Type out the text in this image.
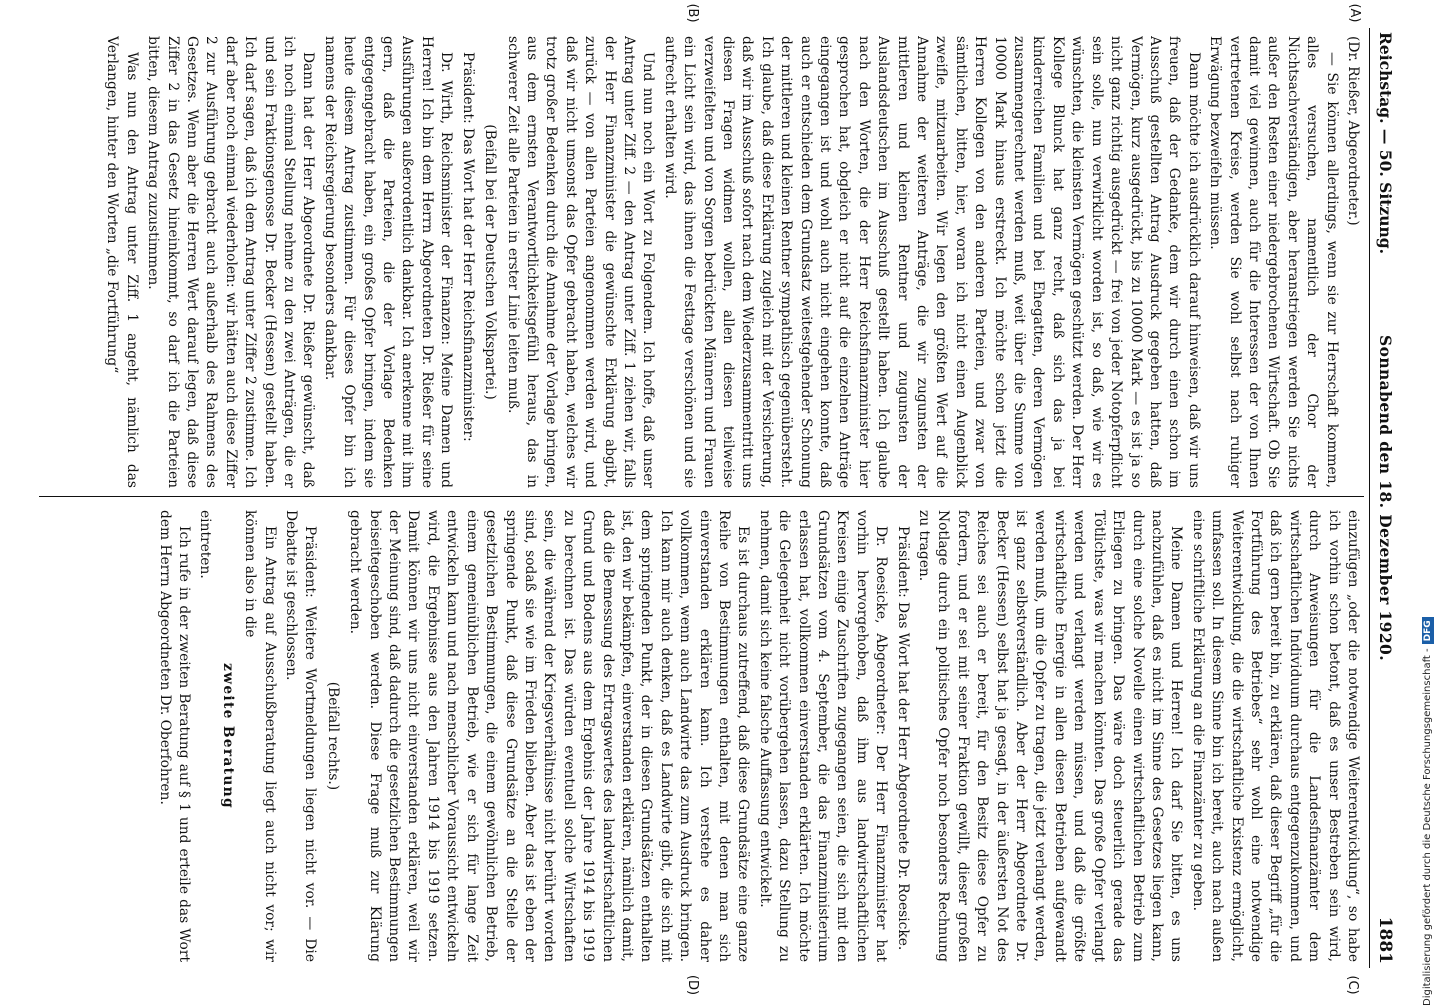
Reichstag. — 50. Sitzung.
Sonnabend den 18. Dezember 1920.
1881
(A)
(B)
(C)
(D)

(Dr. Rießer, Abgeordneter.)

— Sie können allerdings, wenn sie zur Herrschaft kommen, alles versuchen, namentlich der Chor der Nichtsachverständigen, aber heranstriegen werden Sie nichts außer den Resten einer niedergebrochenen Wirtschaft. Ob Sie damit viel gewinnen, auch für die Interessen der von Ihnen vertretenen Kreise, werden Sie wohl selbst nach ruhiger Erwägung bezweifeln müssen.

Dann möchte ich ausdrücklich darauf hinweisen, daß wir uns freuen, daß der Gedanke, dem wir durch einen schon im Ausschuß gestellten Antrag Ausdruck gegeben hatten, daß Vermögen, kurz ausgedrückt, bis zu 10000 Mark — es ist ja so nicht ganz richtig ausgedrückt — frei von jeder Notopferpflicht sein solle, nun verwirklicht worden ist, so daß, wie wir es wünschten, die kleinsten Vermögen geschützt werden. Der Herr Kollege Blunck hat ganz recht, daß sich das ja bei kinderreichen Familien und bei Ehegatten, deren Vermögen zusammengerechnet werden muß, weit über die Summe von 10000 Mark hinaus erstreckt. Ich möchte schon jetzt die Herren Kollegen von den anderen Parteien, und zwar von sämtlichen, bitten, hier, woran ich nicht einen Augenblick zweifle, mitzuarbeiten. Wir legen den größten Wert auf die Annahme der weiteren Anträge, die wir zugunsten der mittleren und kleinen Rentner und zugunsten der Auslandsdeutschen im Ausschuß gestellt haben. Ich glaube nach den Worten, die der Herr Reichsfinanzminister hier gesprochen hat, obgleich er nicht auf die einzelnen Anträge eingegangen ist und wohl auch nicht eingehen konnte, daß auch er entschieden dem Grundsatz weitestgehender Schonung der mittleren und kleinen Rentner sympathisch gegenübersteht. Ich glaube, daß diese Erklärung zugleich mit der Versicherung, daß wir im Ausschuß sofort nach dem Wiederzusammentritt uns diesen Fragen widmen wollen, allen diesen teilweise verzweifelten und von Sorgen bedrückten Männern und Frauen ein Licht sein wird, das ihnen die Festtage verschönen und sie aufrecht erhalten wird.

Und nun noch ein Wort zu Folgendem. Ich hoffe, daß unser Antrag unter Ziff. 2 — den Antrag unter Ziff. 1 ziehen wir, falls der Herr Finanzminister die gewünschte Erklärung abgibt, zurück — von allen Parteien angenommen werden wird, und daß wir nicht umsonst das Opfer gebracht haben, welches wir trotz großer Bedenken durch die Annahme der Vorlage bringen, aus dem ernsten Verantwortlichkeitsgefühl heraus, das in schwerer Zeit alle Parteien in erster Linie leiten muß.

(Beifall bei der Deutschen Volkspartei.)

Präsident: Das Wort hat der Herr Reichsfinanzminister:

Dr. Wirth, Reichsminister der Finanzen: Meine Damen und Herren! Ich bin dem Herrn Abgeordneten Dr. Rießer für seine Ausführungen außerordentlich dankbar. Ich anerkenne mit ihm gern, daß die Parteien, die der Vorlage Bedenken entgegengebracht haben, ein großes Opfer bringen, indem sie heute diesem Antrag zustimmen. Für dieses Opfer bin ich namens der Reichsregierung besonders dankbar.

Dann hat der Herr Abgeordnete Dr. Rießer gewünscht, daß ich noch einmal Stellung nehme zu den zwei Anträgen, die er und sein Fraktionsgenosse Dr. Becker (Hessen) gestellt haben. Ich darf sagen, daß ich dem Antrag unter Ziffer 2 zustimme. Ich darf aber noch einmal wiederholen: wir hätten auch diese Ziffer 2 zur Ausführung gebracht auch außerhalb des Rahmens des Gesetzes. Wenn aber die Herren Wert darauf legen, daß diese Ziffer 2 in das Gesetz hineinkommt, so darf ich die Parteien bitten, diesem Antrag zuzustimmen.

Was nun den Antrag unter Ziff. 1 angeht, nämlich das Verlangen, hinter den Worten „die Fortführung“

einzufügen „oder die notwendige Weiterentwicklung“, so habe ich vorhin schon betont, daß es unser Bestreben sein wird, durch Anweisungen für die Landesfinanzämter dem wirtschaftlichen Individuum durchaus entgegenzukommen, und daß ich gern bereit bin, zu erklären, daß dieser Begriff „für die Fortführung des Betriebes“ sehr wohl eine notwendige Weiterentwicklung, die die wirtschaftliche Existenz ermöglicht, umfassen soll. In diesem Sinne bin ich bereit, auch nach außen eine schriftliche Erklärung an die Finanzämter zu geben.

Meine Damen und Herren! Ich darf Sie bitten, es uns nachzufühlen, daß es nicht im Sinne des Gesetzes liegen kann, durch eine solche Novelle einen wirtschaftlichen Betrieb zum Erliegen zu bringen. Das wäre doch steuerlich gerade das Tötlichste, was wir machen könnten. Das große Opfer verlangt werden und verlangt werden müssen, und daß die größte wirtschaftliche Energie in allen diesen Betrieben aufgewandt werden muß, um die Opfer zu tragen, die jetzt verlangt werden, ist ganz selbstverständlich. Aber der Herr Abgeordnete Dr. Becker (Hessen) selbst hat ja gesagt, in der äußersten Not des Reiches sei auch er bereit, für den Besitz diese Opfer zu fordern, und er sei mit seiner Fraktion gewillt, dieser großen Notlage durch ein politisches Opfer noch besonders Rechnung zu tragen.

Präsident: Das Wort hat der Herr Abgeordnete Dr. Roesicke.

Dr. Roesicke, Abgeordneter: Der Herr Finanzminister hat vorhin hervorgehoben, daß ihm aus landwirtschaftlichen Kreisen einige Zuschriften zugegangen seien, die sich mit den Grundsätzen vom 4. September, die das Finanzministerium erlassen hat, vollkommen einverstanden erklärten. Ich möchte die Gelegenheit nicht vorübergehen lassen, dazu Stellung zu nehmen, damit sich keine falsche Auffassung entwickelt.

Es ist durchaus zutreffend, daß diese Grundsätze eine ganze Reihe von Bestimmungen enthalten, mit denen man sich einverstanden erklären kann. Ich verstehe es daher vollkommen, wenn auch Landwirte das zum Ausdruck bringen. Ich kann mir auch denken, daß es Landwirte gibt, die sich mit dem springenden Punkt, der in diesen Grundsätzen enthalten ist, den wir bekämpfen, einverstanden erklären, nämlich damit, daß die Bemessung des Ertragswertes des landwirtschaftlichen Grund und Bodens aus dem Ergebnis der Jahre 1914 bis 1919 zu berechnen ist. Das würden eventuell solche Wirtschaften sein, die während der Kriegsverhältnisse nicht berührt worden sind, sodaß sie wie im Frieden blieben. Aber das ist eben der springende Punkt, daß diese Grundsätze an die Stelle der gesetzlichen Bestimmungen, die einem gewöhnlichen Betrieb, einem gemeinüblichen Betrieb, wie er sich für lange Zeit entwickeln kann und nach menschlicher Voraussicht entwickeln wird, die Ergebnisse aus den Jahren 1914 bis 1919 setzen. Damit können wir uns nicht einverstanden erklären, weil wir der Meinung sind, daß dadurch die gesetzlichen Bestimmungen beiseitegeschoben werden. Diese Frage muß zur Klärung gebracht werden.

(Beifall rechts.)

Präsident: Weitere Wortmeldungen liegen nicht vor. — Die Debatte ist geschlossen.

Ein Antrag auf Ausschußberatung liegt auch nicht vor; wir können also in die

zweite Beratung

eintreten.

Ich rufe in der zweiten Beratung auf § 1 und erteile das Wort dem Herrn Abgeordneten Dr. Oberfohren.	Digitalisierung gefördert durch die Deutsche Forschungsgemeinschaft -DFG
